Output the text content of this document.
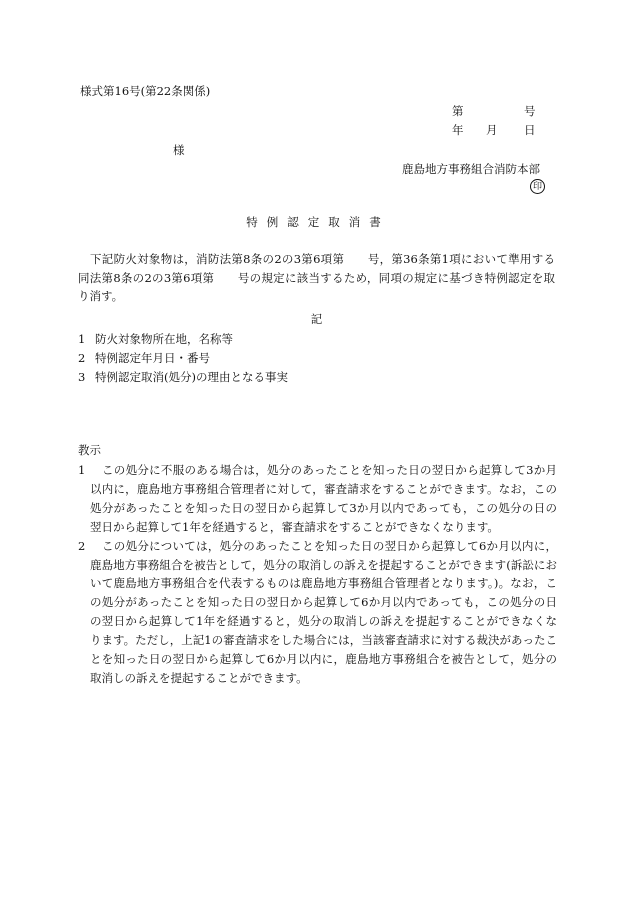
様式第16号(第22条関係)
第	号
年 月 日
様
鹿島地方事務組合消防本部
印
特例認定取消書
下記防火対象物は，消防法第8条の2の3第6項第　　号，第36条第1項において準用する同法第8条の2の3第6項第　　号の規定に該当するため，同項の規定に基づき特例認定を取り消す。
記
1 防火対象物所在地，名称等
2 特例認定年月日・番号
3 特例認定取消(処分)の理由となる事実
教示
1	この処分に不服のある場合は，処分のあったことを知った日の翌日から起算して3か月以内に，鹿島地方事務組合管理者に対して，審査請求をすることができます。なお，この処分があったことを知った日の翌日から起算して3か月以内であっても，この処分の日の翌日から起算して1年を経過すると，審査請求をすることができなくなります。
2	この処分については，処分のあったことを知った日の翌日から起算して6か月以内に，鹿島地方事務組合を被告として，処分の取消しの訴えを提起することができます(訴訟において鹿島地方事務組合を代表するものは鹿島地方事務組合管理者となります。)。なお，この処分があったことを知った日の翌日から起算して6か月以内であっても，この処分の日の翌日から起算して1年を経過すると，処分の取消しの訴えを提起することができなくなります。ただし，上記1の審査請求をした場合には，当該審査請求に対する裁決があったことを知った日の翌日から起算して6か月以内に，鹿島地方事務組合を被告として，処分の取消しの訴えを提起することができます。
